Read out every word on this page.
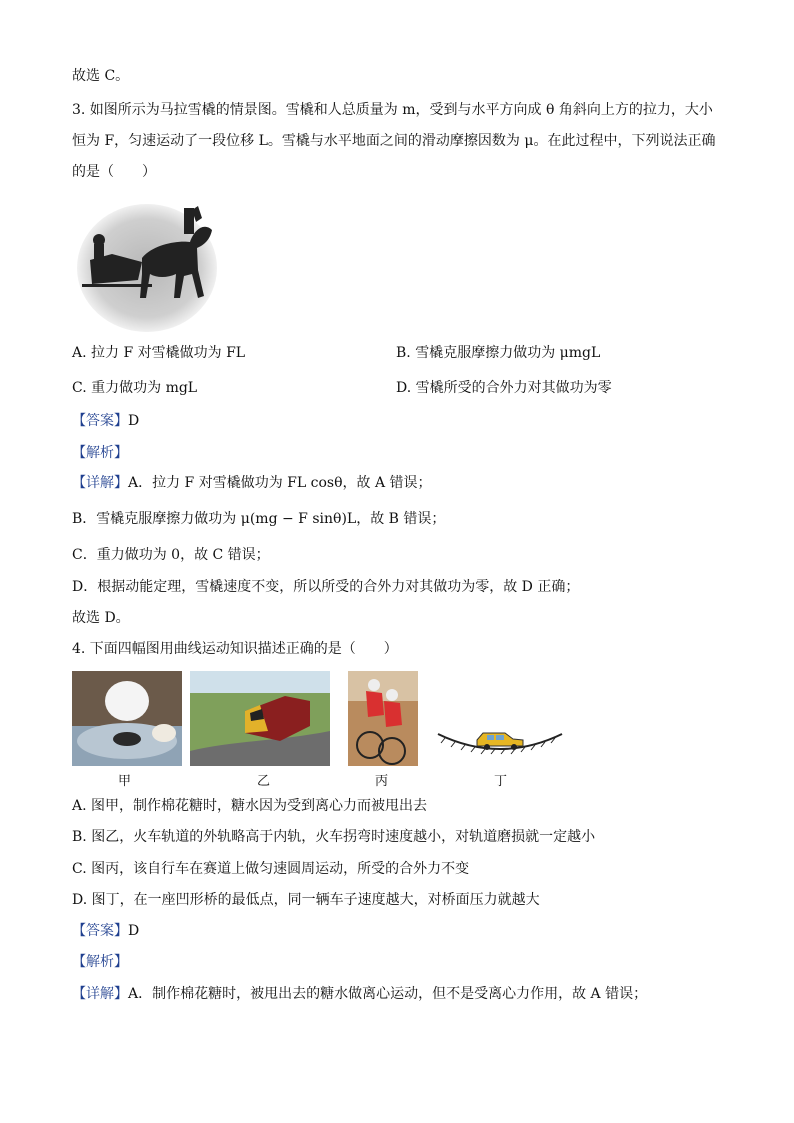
故选 C。
3. 如图所示为马拉雪橇的情景图。雪橇和人总质量为 m，受到与水平方向成 θ 角斜向上方的拉力，大小恒为 F，匀速运动了一段位移 L。雪橇与水平地面之间的滑动摩擦因数为 μ。在此过程中，下列说法正确的是（　　）
A. 拉力 F 对雪橇做功为 FL	B. 雪橇克服摩擦力做功为 μmgL
C. 重力做功为 mgL	D. 雪橇所受的合外力对其做功为零
【答案】D
【解析】
【详解】A．拉力 F 对雪橇做功为 FL cosθ，故 A 错误；
B．雪橇克服摩擦力做功为 μ(mg − F sinθ)L，故 B 错误；
C．重力做功为 0，故 C 错误；
D．根据动能定理，雪橇速度不变，所以所受的合外力对其做功为零，故 D 正确；
故选 D。
4. 下面四幅图用曲线运动知识描述正确的是（　　）
甲	乙	丙	丁
A. 图甲，制作棉花糖时，糖水因为受到离心力而被甩出去
B. 图乙，火车轨道的外轨略高于内轨，火车拐弯时速度越小，对轨道磨损就一定越小
C. 图丙，该自行车在赛道上做匀速圆周运动，所受的合外力不变
D. 图丁，在一座凹形桥的最低点，同一辆车子速度越大，对桥面压力就越大
【答案】D
【解析】
【详解】A．制作棉花糖时，被甩出去的糖水做离心运动，但不是受离心力作用，故 A 错误；
